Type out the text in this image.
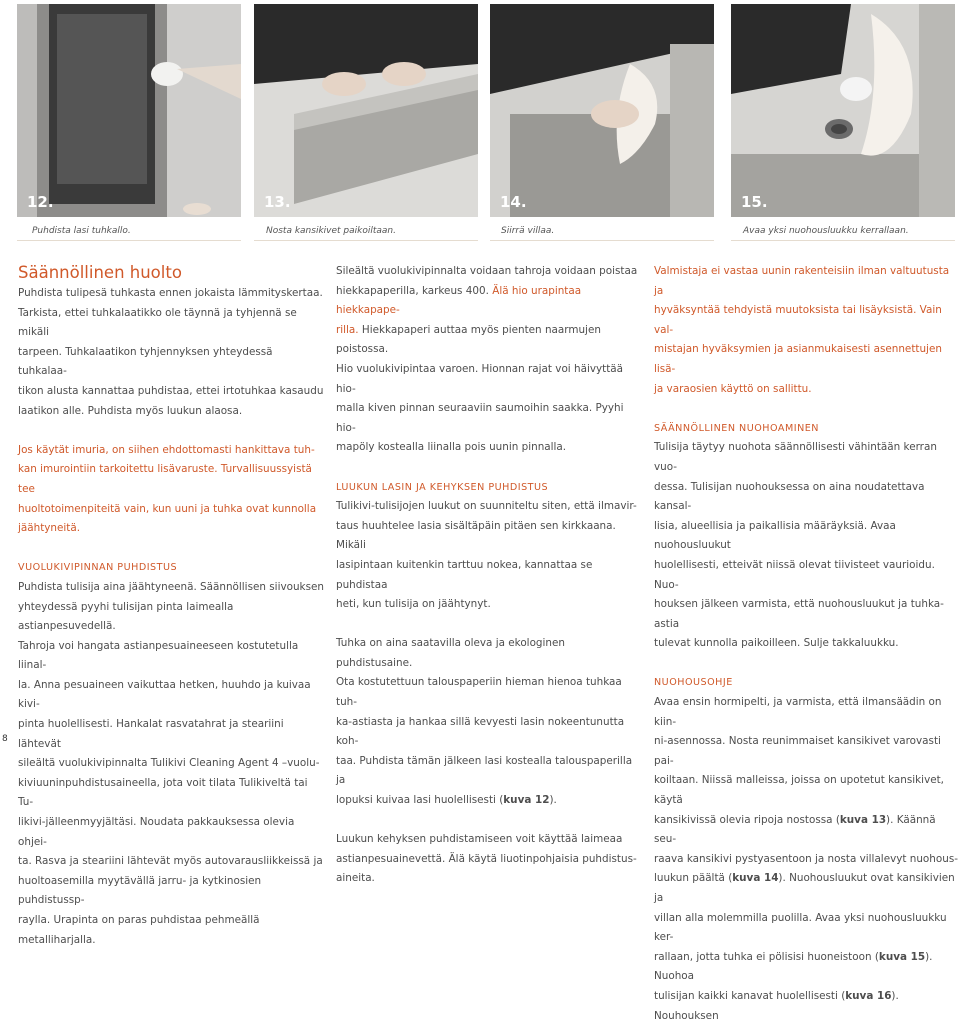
12.	13.	14.	15.
Puhdista lasi tuhkallo.	Nosta kansikivet paikoiltaan.	Siirrä villaa.	Avaa yksi nuohousluukku kerrallaan.

Säännöllinen huolto

Puhdista tulipesä tuhkasta ennen jokaista lämmityskertaa.

Tarkista, ettei tuhkalaatikko ole täynnä ja tyhjennä se mikäli

tarpeen. Tuhkalaatikon tyhjennyksen yhteydessä tuhkalaa-

tikon alusta kannattaa puhdistaa, ettei irtotuhkaa kasaudu

laatikon alle. Puhdista myös luukun alaosa.

Jos käytät imuria, on siihen ehdottomasti hankittava tuh-

kan imurointiin tarkoitettu lisävaruste. Turvallisuussyistä tee

huoltotoimenpiteitä vain, kun uuni ja tuhka ovat kunnolla

jäähtyneitä.

VUOLUKIVIPINNAN PUHDISTUS

Puhdista tulisija aina jäähtyneenä. Säännöllisen siivouksen

yhteydessä pyyhi tulisijan pinta laimealla astianpesuvedellä.

Tahroja voi hangata astianpesuaineeseen kostutetulla liinal-

la. Anna pesuaineen vaikuttaa hetken, huuhdo ja kuivaa kivi-

pinta huolellisesti. Hankalat rasvatahrat ja steariini lähtevät

sileältä vuolukivipinnalta Tulikivi Cleaning Agent 4 –vuolu-

kiviuuninpuhdistusaineella, jota voit tilata Tulikiveltä tai Tu-

likivi-jälleenmyyjältäsi. Noudata pakkauksessa olevia ohjei-

ta. Rasva ja steariini lähtevät myös autovarausliikkeissä ja

huoltoasemilla myytävällä jarru- ja kytkinosien puhdistussp-

raylla. Urapinta on paras puhdistaa pehmeällä metalliharjalla.

Sileältä vuolukivipinnalta voidaan tahroja voidaan poistaa

hiekkapaperilla, karkeus 400. Älä hio urapintaa hiekkapape-

rilla. Hiekkapaperi auttaa myös pienten naarmujen poistossa.

Hio vuolukivipintaa varoen. Hionnan rajat voi häivyttää hio-

malla kiven pinnan seuraaviin saumoihin saakka. Pyyhi hio-

mapöly kostealla liinalla pois uunin pinnalla.

LUUKUN LASIN JA KEHYKSEN PUHDISTUS

Tulikivi-tulisijojen luukut on suunniteltu siten, että ilmavir-

taus huuhtelee lasia sisältäpäin pitäen sen kirkkaana. Mikäli

lasipintaan kuitenkin tarttuu nokea, kannattaa se puhdistaa

heti, kun tulisija on jäähtynyt.

Tuhka on aina saatavilla oleva ja ekologinen puhdistusaine.

Ota kostutettuun talouspaperiin hieman hienoa tuhkaa tuh-

ka-astiasta ja hankaa sillä kevyesti lasin nokeentunutta koh-

taa. Puhdista tämän jälkeen lasi kostealla talouspaperilla ja

lopuksi kuivaa lasi huolellisesti (kuva 12).

Luukun kehyksen puhdistamiseen voit käyttää laimeaa

astianpesuainevettä. Älä käytä liuotinpohjaisia puhdistus-

aineita.

Valmistaja ei vastaa uunin rakenteisiin ilman valtuutusta ja

hyväksyntää tehdyistä muutoksista tai lisäyksistä. Vain val-

mistajan hyväksymien ja asianmukaisesti asennettujen lisä-

ja varaosien käyttö on sallittu.

SÄÄNNÖLLINEN NUOHOAMINEN

Tulisija täytyy nuohota säännöllisesti vähintään kerran vuo-

dessa. Tulisijan nuohouksessa on aina noudatettava kansal-

lisia, alueellisia ja paikallisia määräyksiä. Avaa nuohousluukut

huolellisesti, etteivät niissä olevat tiivisteet vaurioidu. Nuo-

houksen jälkeen varmista, että nuohousluukut ja tuhka-astia

tulevat kunnolla paikoilleen. Sulje takkaluukku.

NUOHOUSOHJE

Avaa ensin hormipelti, ja varmista, että ilmansäädin on kiin-

ni-asennossa. Nosta reunimmaiset kansikivet varovasti pai-

koiltaan. Niissä malleissa, joissa on upotetut kansikivet, käytä

kansikivissä olevia ripoja nostossa (kuva 13). Käännä seu-

raava kansikivi pystyasentoon ja nosta villalevyt nuohous-

luukun päältä (kuva 14). Nuohousluukut ovat kansikivien ja

villan alla molemmilla puolilla. Avaa yksi nuohousluukku ker-

rallaan, jotta tuhka ei pölisisi huoneistoon (kuva 15). Nuohoa

tulisijan kaikki kanavat huolellisesti (kuva 16). Nouhouksen

8
